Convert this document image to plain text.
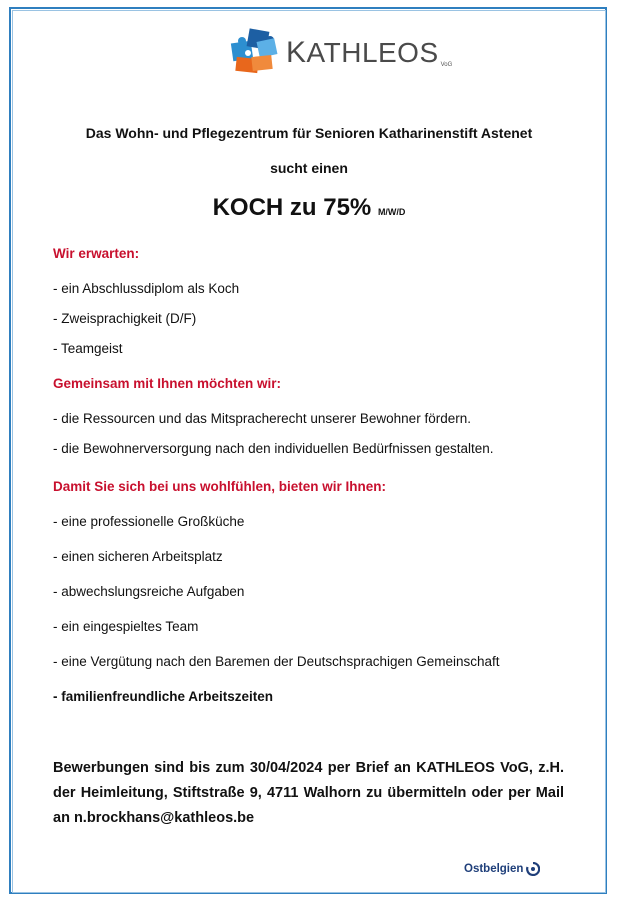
KATHLEOS VoG
Das Wohn- und Pflegezentrum für Senioren Katharinenstift Astenet
sucht einen
KOCH zu 75% M/W/D
Wir erwarten:
- ein Abschlussdiplom als Koch
- Zweisprachigkeit (D/F)
- Teamgeist
Gemeinsam mit Ihnen möchten wir:
- die Ressourcen und das Mitspracherecht unserer Bewohner fördern.
- die Bewohnerversorgung nach den individuellen Bedürfnissen gestalten.
Damit Sie sich bei uns wohlfühlen, bieten wir Ihnen:
- eine professionelle Großküche
- einen sicheren Arbeitsplatz
- abwechslungsreiche Aufgaben
- ein eingespieltes Team
- eine Vergütung nach den Baremen der Deutschsprachigen Gemeinschaft
- familienfreundliche Arbeitszeiten
Bewerbungen sind bis zum 30/04/2024 per Brief an KATHLEOS VoG, z.H. der Heimleitung, Stiftstraße 9, 4711 Walhorn zu übermitteln oder per Mail an n.brockhans@kathleos.be
Ostbelgien
